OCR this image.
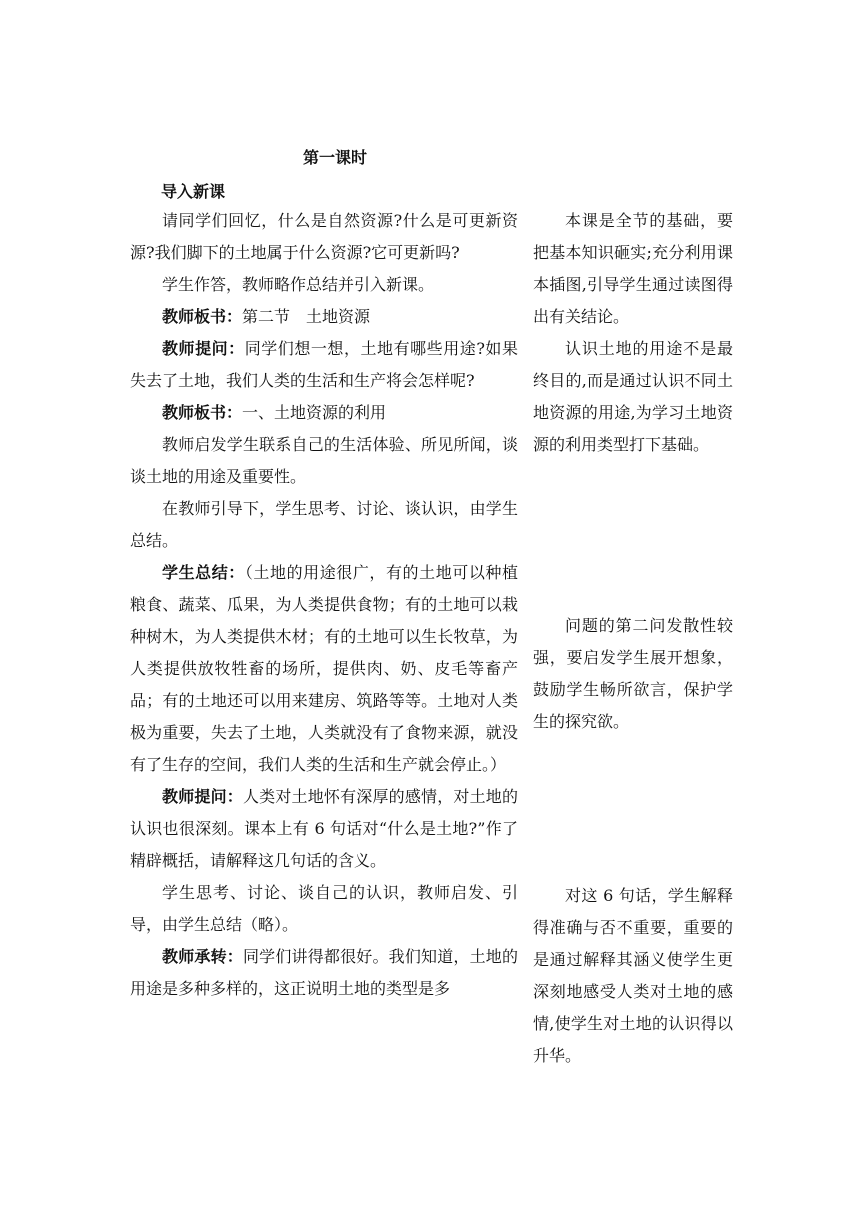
第一课时
导入新课

请同学们回忆，什么是自然资源?什么是可更新资源?我们脚下的土地属于什么资源?它可更新吗?

学生作答，教师略作总结并引入新课。

教师板书：第二节　土地资源

教师提问：同学们想一想，土地有哪些用途?如果失去了土地，我们人类的生活和生产将会怎样呢?

教师板书：一、土地资源的利用

教师启发学生联系自己的生活体验、所见所闻，谈谈土地的用途及重要性。

在教师引导下，学生思考、讨论、谈认识，由学生总结。

学生总结：（土地的用途很广，有的土地可以种植粮食、蔬菜、瓜果，为人类提供食物；有的土地可以栽种树木，为人类提供木材；有的土地可以生长牧草，为人类提供放牧牲畜的场所，提供肉、奶、皮毛等畜产品；有的土地还可以用来建房、筑路等等。土地对人类极为重要，失去了土地，人类就没有了食物来源，就没有了生存的空间，我们人类的生活和生产就会停止。）

教师提问：人类对土地怀有深厚的感情，对土地的认识也很深刻。课本上有 6 句话对“什么是土地?”作了精辟概括，请解释这几句话的含义。

学生思考、讨论、谈自己的认识，教师启发、引导，由学生总结（略）。

教师承转：同学们讲得都很好。我们知道，土地的用途是多种多样的，这正说明土地的类型是多

本课是全节的基础，要把基本知识砸实;充分利用课本插图,引导学生通过读图得出有关结论。

认识土地的用途不是最终目的,而是通过认识不同土地资源的用途,为学习土地资源的利用类型打下基础。

问题的第二问发散性较强，要启发学生展开想象，鼓励学生畅所欲言，保护学生的探究欲。

对这 6 句话，学生解释得准确与否不重要，重要的是通过解释其涵义使学生更深刻地感受人类对土地的感情,使学生对土地的认识得以升华。
